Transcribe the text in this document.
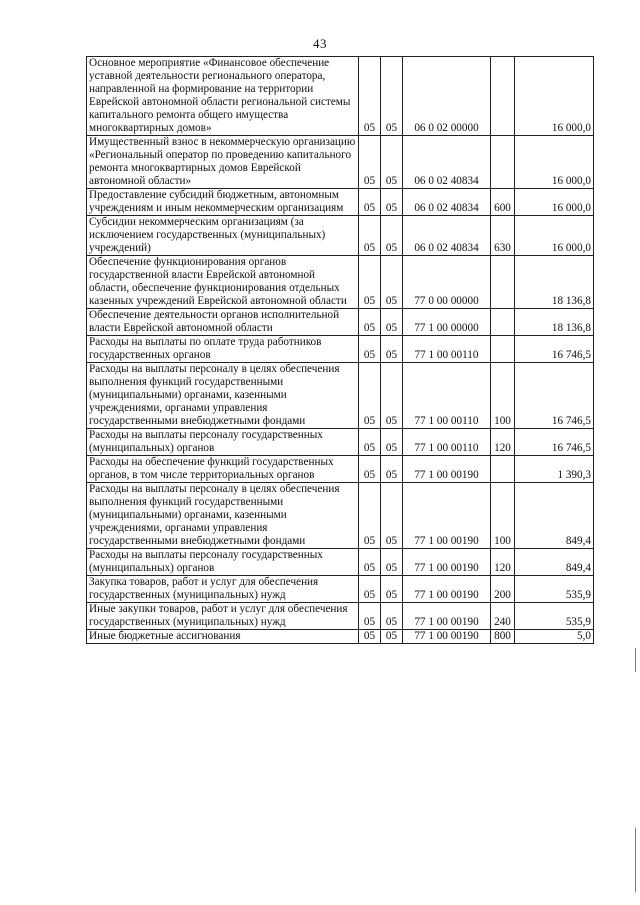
43
Основное мероприятие «Финансовое обеспечение уставной деятельности регионального оператора, направленной на формирование на территории Еврейской автономной области региональной системы капитального ремонта общего имущества многоквартирных домов»	05	05	06 0 02 00000		16 000,0
Имущественный взнос в некоммерческую организацию «Региональный оператор по проведению капитального ремонта многоквартирных домов Еврейской автономной области»	05	05	06 0 02 40834		16 000,0
Предоставление субсидий бюджетным, автономным учреждениям и иным некоммерческим организациям	05	05	06 0 02 40834	600	16 000,0
Субсидии некоммерческим организациям (за исключением государственных (муниципальных) учреждений)	05	05	06 0 02 40834	630	16 000,0
Обеспечение функционирования органов государственной власти Еврейской автономной области, обеспечение функционирования отдельных казенных учреждений Еврейской автономной области	05	05	77 0 00 00000		18 136,8
Обеспечение деятельности органов исполнительной власти Еврейской автономной области	05	05	77 1 00 00000		18 136,8
Расходы на выплаты по оплате труда работников государственных органов	05	05	77 1 00 00110		16 746,5
Расходы на выплаты персоналу в целях обеспечения выполнения функций государственными (муниципальными) органами, казенными учреждениями, органами управления государственными внебюджетными фондами	05	05	77 1 00 00110	100	16 746,5
Расходы на выплаты персоналу государственных (муниципальных) органов	05	05	77 1 00 00110	120	16 746,5
Расходы на обеспечение функций государственных органов, в том числе территориальных органов	05	05	77 1 00 00190		1 390,3
Расходы на выплаты персоналу в целях обеспечения выполнения функций государственными (муниципальными) органами, казенными учреждениями, органами управления государственными внебюджетными фондами	05	05	77 1 00 00190	100	849,4
Расходы на выплаты персоналу государственных (муниципальных) органов	05	05	77 1 00 00190	120	849,4
Закупка товаров, работ и услуг для обеспечения государственных (муниципальных) нужд	05	05	77 1 00 00190	200	535,9
Иные закупки товаров, работ и услуг для обеспечения государственных (муниципальных) нужд	05	05	77 1 00 00190	240	535,9
Иные бюджетные ассигнования	05	05	77 1 00 00190	800	5,0
